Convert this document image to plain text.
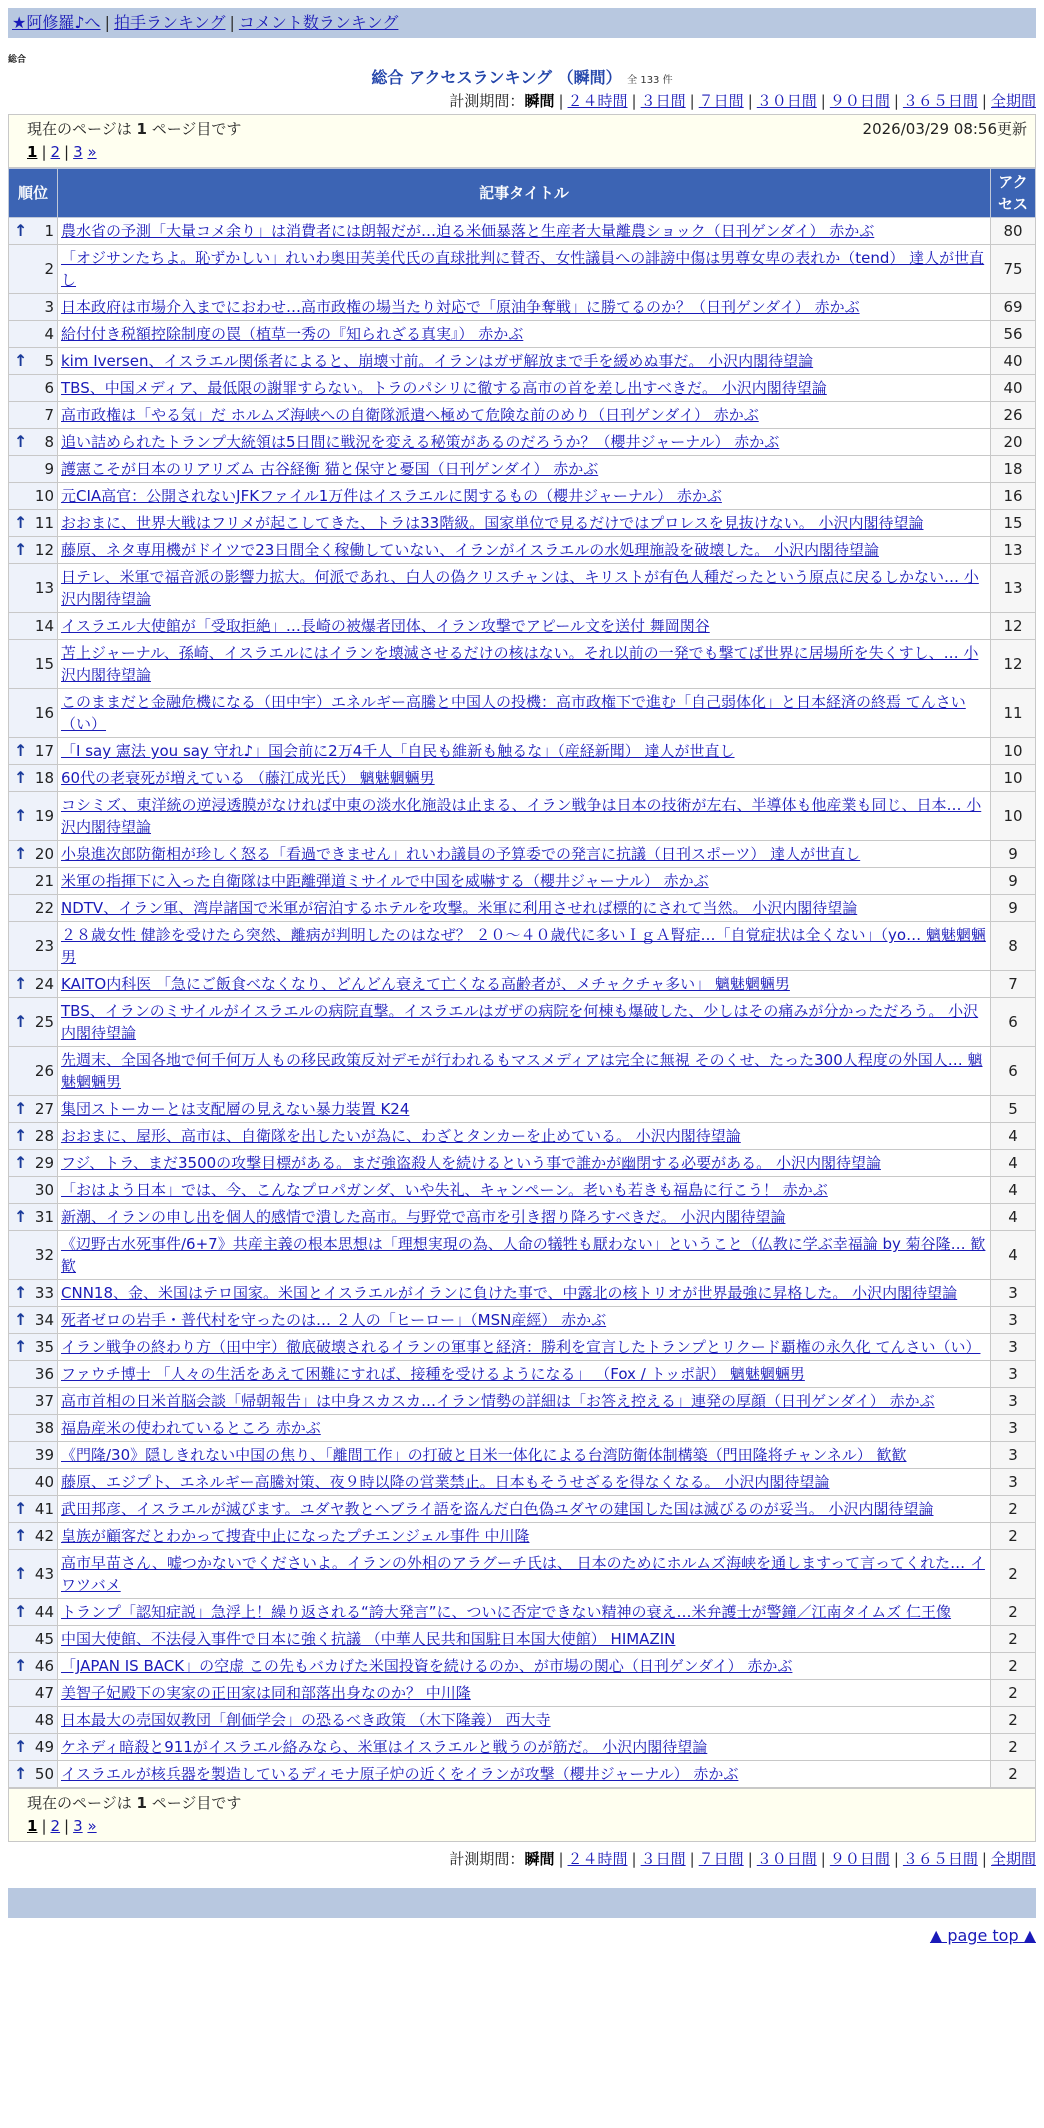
★阿修羅♪へ | 拍手ランキング | コメント数ランキング
総合
総合 アクセスランキング （瞬間） 全 133 件
計測期間：瞬間 | ２４時間 | ３日間 | ７日間 | ３０日間 | ９０日間 | ３６５日間 | 全期間
現在のページは 1 ページ目です	2026/03/29 08:56更新
1 | 2 | 3 »
順位	記事タイトル	アクセス

↑ 1	農水省の予測「大量コメ余り」は消費者には朗報だが…迫る米価暴落と生産者大量離農ショック（日刊ゲンダイ） 赤かぶ	80
2	「オジサンたちよ。恥ずかしい」れいわ奥田芙美代氏の直球批判に賛否、女性議員への誹謗中傷は男尊女卑の表れか（tend） 達人が世直し	75
3	日本政府は市場介入までにおわせ…高市政権の場当たり対応で「原油争奪戦」に勝てるのか？（日刊ゲンダイ） 赤かぶ	69
4	給付付き税額控除制度の罠（植草一秀の『知られざる真実』） 赤かぶ	56

↑ 5	kim Iversen、イスラエル関係者によると、崩壊寸前。イランはガザ解放まで手を緩めぬ事だ。 小沢内閣待望論	40
6	TBS、中国メディア、最低限の謝罪すらない。トラのパシリに徹する高市の首を差し出すべきだ。 小沢内閣待望論	40
7	高市政権は「やる気」だ ホルムズ海峡への自衛隊派遣へ極めて危険な前のめり（日刊ゲンダイ） 赤かぶ	26

↑ 8	追い詰められたトランプ大統領は5日間に戦況を変える秘策があるのだろうか？（櫻井ジャーナル） 赤かぶ	20
9	護憲こそが日本のリアリズム 古谷経衡 猫と保守と憂国（日刊ゲンダイ） 赤かぶ	18
10	元CIA高官：公開されないJFKファイル1万件はイスラエルに関するもの（櫻井ジャーナル） 赤かぶ	16

↑ 11	おおまに、世界大戦はフリメが起こしてきた、トラは33階級。国家単位で見るだけではプロレスを見抜けない。 小沢内閣待望論	15

↑ 12	藤原、ネタ専用機がドイツで23日間全く稼働していない、イランがイスラエルの水処理施設を破壊した。 小沢内閣待望論	13
13	日テレ、米軍で福音派の影響力拡大。何派であれ、白人の偽クリスチャンは、キリストが有色人種だったという原点に戻るしかない… 小沢内閣待望論	13
14	イスラエル大使館が「受取拒絶」…長崎の被爆者団体、イラン攻撃でアピール文を送付 舞岡関谷	12
15	苫上ジャーナル、孫崎、イスラエルにはイランを壊滅させるだけの核はない。それ以前の一発でも撃てば世界に居場所を失くすし、… 小沢内閣待望論	12
16	このままだと金融危機になる（田中宇）エネルギー高騰と中国人の投機：高市政権下で進む「自己弱体化」と日本経済の終焉 てんさい（い）	11

↑ 17	「I say 憲法 you say 守れ♪」国会前に2万4千人「自民も維新も触るな」（産経新聞） 達人が世直し	10

↑ 18	60代の老衰死が増えている （藤江成光氏） 魑魅魍魎男	10

↑ 19	コシミズ、東洋統の逆浸透膜がなければ中東の淡水化施設は止まる、イラン戦争は日本の技術が左右、半導体も他産業も同じ、日本… 小沢内閣待望論	10

↑ 20	小泉進次郎防衛相が珍しく怒る「看過できません」れいわ議員の予算委での発言に抗議（日刊スポーツ） 達人が世直し	9
21	米軍の指揮下に入った自衛隊は中距離弾道ミサイルで中国を威嚇する（櫻井ジャーナル） 赤かぶ	9
22	NDTV、イラン軍、湾岸諸国で米軍が宿泊するホテルを攻撃。米軍に利用させれば標的にされて当然。 小沢内閣待望論	9
23	２８歳女性 健診を受けたら突然、離病が判明したのはなぜ？ ２０～４０歳代に多いＩｇＡ腎症…「自覚症状は全くない」（yo… 魑魅魍魎男	8

↑ 24	KAITO内科医 「急にご飯食べなくなり、どんどん衰えて亡くなる高齢者が、メチャクチャ多い」 魑魅魍魎男	7

↑ 25	TBS、イランのミサイルがイスラエルの病院直撃。イスラエルはガザの病院を何棟も爆破した、少しはその痛みが分かっただろう。 小沢内閣待望論	6
26	先週末、全国各地で何千何万人もの移民政策反対デモが行われるもマスメディアは完全に無視 そのくせ、たった300人程度の外国人… 魑魅魍魎男	6

↑ 27	集団ストーカーとは支配層の見えない暴力装置 K24	5

↑ 28	おおまに、屋形、高市は、自衛隊を出したいが為に、わざとタンカーを止めている。 小沢内閣待望論	4

↑ 29	フジ、トラ、まだ3500の攻撃目標がある。まだ強盗殺人を続けるという事で誰かが幽閉する必要がある。 小沢内閣待望論	4
30	「おはよう日本」では、今、こんなプロパガンダ、いや失礼、キャンペーン。老いも若きも福島に行こう！ 赤かぶ	4

↑ 31	新潮、イランの申し出を個人的感情で潰した高市。与野党で高市を引き摺り降ろすべきだ。 小沢内閣待望論	4
32	《辺野古水死事件/6+7》共産主義の根本思想は「理想実現の為、人命の犠牲も厭わない」ということ（仏教に学ぶ幸福論 by 菊谷隆… 歓歓	4

↑ 33	CNN18、金、米国はテロ国家。米国とイスラエルがイランに負けた事で、中露北の核トリオが世界最強に昇格した。 小沢内閣待望論	3

↑ 34	死者ゼロの岩手・普代村を守ったのは… ２人の「ヒーロー」（MSN産經） 赤かぶ	3

↑ 35	イラン戦争の終わり方（田中宇）徹底破壊されるイランの軍事と経済：勝利を宣言したトランプとリクード覇権の永久化 てんさい（い）	3
36	ファウチ博士 「人々の生活をあえて困難にすれば、接種を受けるようになる」 （Fox / トッポ訳） 魑魅魍魎男	3
37	高市首相の日米首脳会談「帰朝報告」は中身スカスカ…イラン情勢の詳細は「お答え控える」連発の厚顔（日刊ゲンダイ） 赤かぶ	3
38	福島産米の使われているところ 赤かぶ	3
39	《門隆/30》隠しきれない中国の焦り、「離間工作」の打破と日米一体化による台湾防衛体制構築（門田隆将チャンネル） 歓歓	3
40	藤原、エジプト、エネルギー高騰対策、夜９時以降の営業禁止。日本もそうせざるを得なくなる。 小沢内閣待望論	3

↑ 41	武田邦彦、イスラエルが滅びます。ユダヤ教とヘブライ語を盗んだ白色偽ユダヤの建国した国は滅びるのが妥当。 小沢内閣待望論	2

↑ 42	皇族が顧客だとわかって捜査中止になったプチエンジェル事件 中川隆	2

↑ 43	高市早苗さん、嘘つかないでくださいよ。イランの外相のアラグーチ氏は、 日本のためにホルムズ海峡を通しますって言ってくれた… イワツバメ	2

↑ 44	トランプ「認知症説」急浮上！繰り返される“誇大発言”に、ついに否定できない精神の衰え…米弁護士が警鐘／江南タイムズ 仁王像	2
45	中国大使館、不法侵入事件で日本に強く抗議 （中華人民共和国駐日本国大使館） HIMAZIN	2

↑ 46	「JAPAN IS BACK」の空虚 この先もバカげた米国投資を続けるのか、が市場の関心（日刊ゲンダイ） 赤かぶ	2
47	美智子妃殿下の実家の正田家は同和部落出身なのか？ 中川隆	2
48	日本最大の売国奴教団「創価学会」の恐るべき政策 （木下隆義） 西大寺	2

↑ 49	ケネディ暗殺と911がイスラエル絡みなら、米軍はイスラエルと戦うのが筋だ。 小沢内閣待望論	2

↑ 50	イスラエルが核兵器を製造しているディモナ原子炉の近くをイランが攻撃（櫻井ジャーナル） 赤かぶ	2
現在のページは 1 ページ目です
1 | 2 | 3 »
計測期間：瞬間 | ２４時間 | ３日間 | ７日間 | ３０日間 | ９０日間 | ３６５日間 | 全期間
▲ page top ▲
